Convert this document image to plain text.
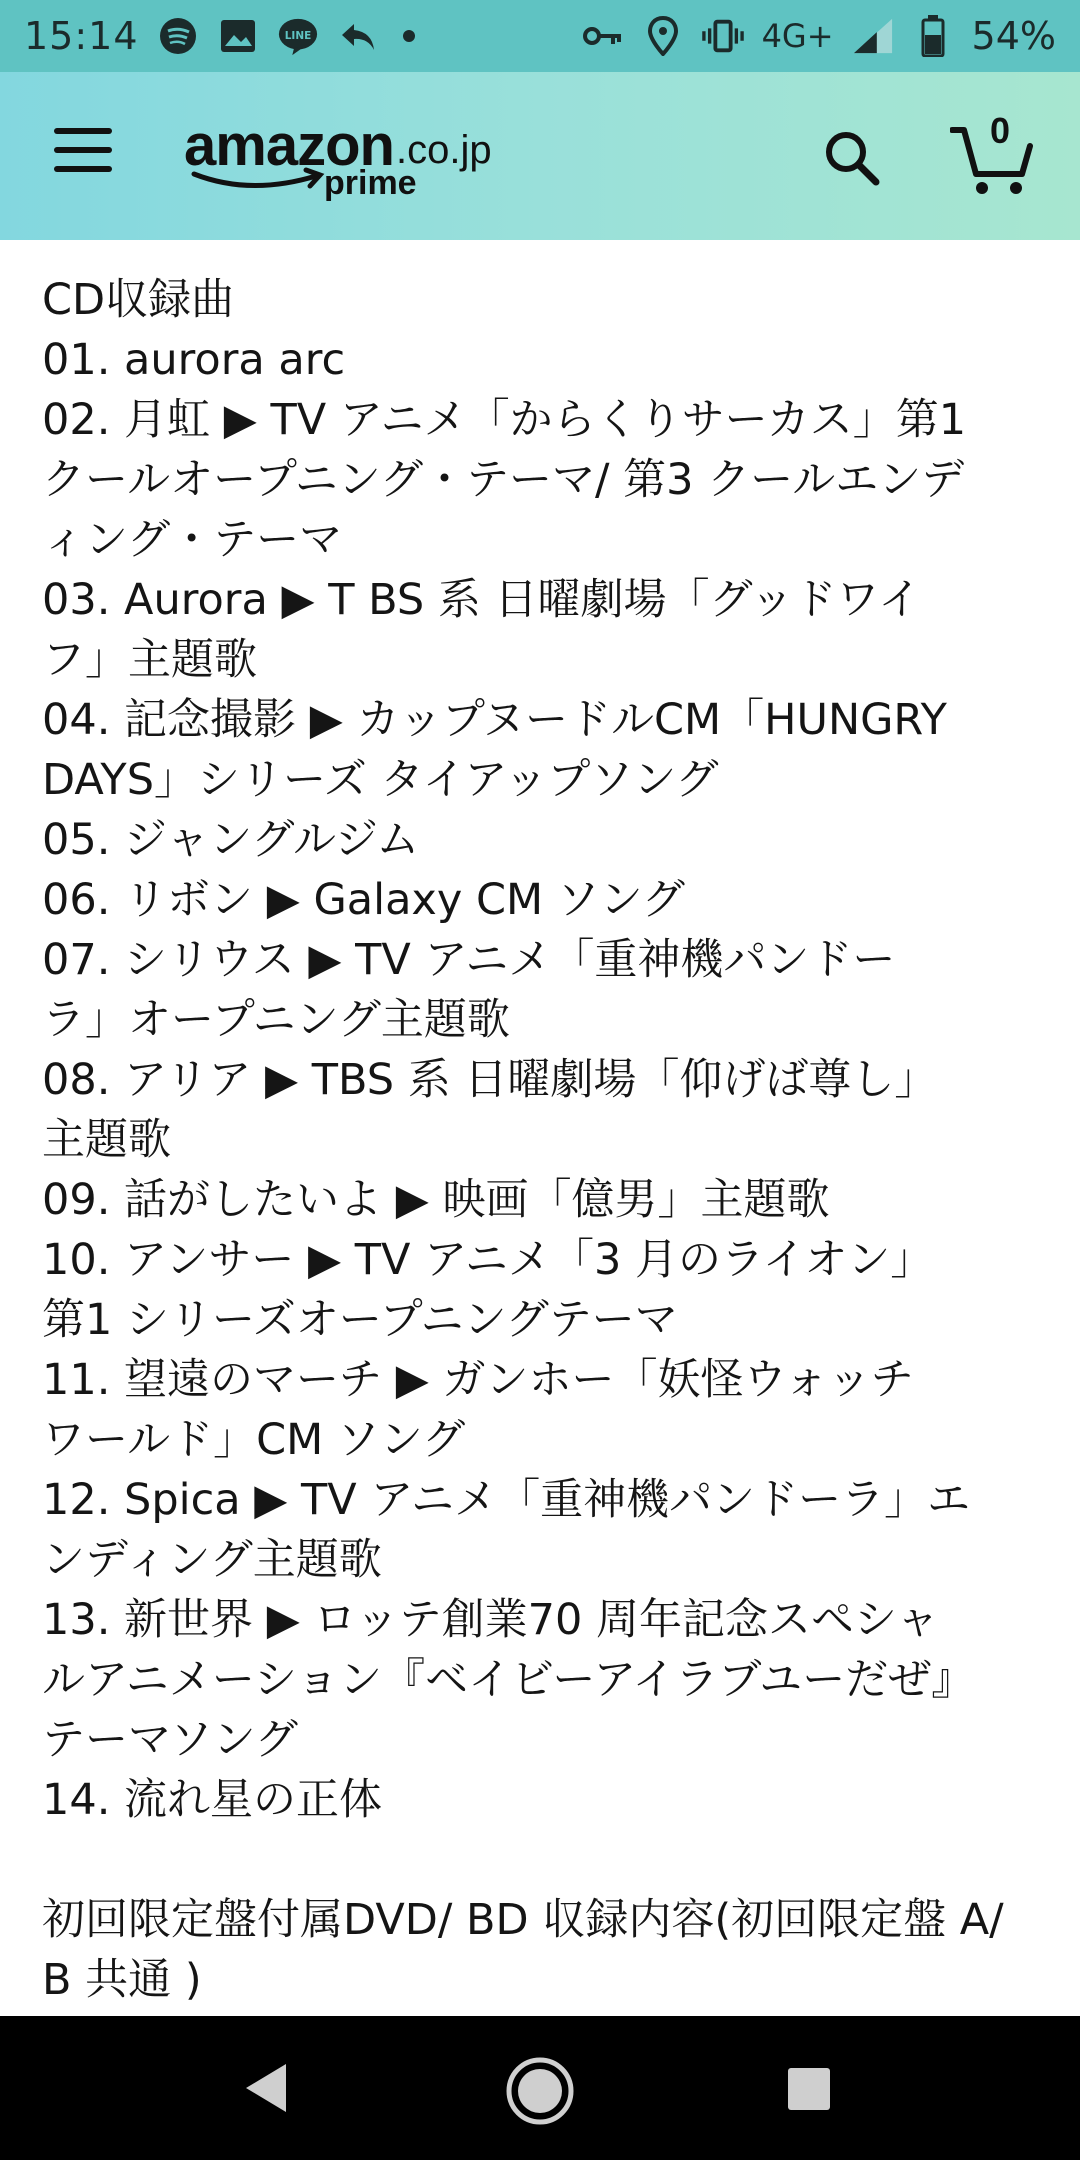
15:14	LINE	4G+	54%
amazon .co.jp
prime
0
CD収録曲
01. aurora arc
02. 月虹 ▶ TV アニメ「からくりサーカス」第1
クールオープニング・テーマ/ 第3 クールエンデ
ィング・テーマ
03. Aurora ▶ T BS 系 日曜劇場「グッドワイ
フ」主題歌
04. 記念撮影 ▶ カップヌードルCM「HUNGRY
DAYS」シリーズ タイアップソング
05. ジャングルジム
06. リボン ▶ Galaxy CM ソング
07. シリウス ▶ TV アニメ「重神機パンドー
ラ」オープニング主題歌
08. アリア ▶ TBS 系 日曜劇場「仰げば尊し」
主題歌
09. 話がしたいよ ▶ 映画「億男」主題歌
10. アンサー ▶ TV アニメ「3 月のライオン」
第1 シリーズオープニングテーマ
11. 望遠のマーチ ▶ ガンホー「妖怪ウォッチ
ワールド」CM ソング
12. Spica ▶ TV アニメ「重神機パンドーラ」エ
ンディング主題歌
13. 新世界 ▶ ロッテ創業70 周年記念スペシャ
ルアニメーション『ベイビーアイラブユーだぜ』
テーマソング
14. 流れ星の正体
初回限定盤付属DVD/ BD 収録内容(初回限定盤 A/
B 共通 )
